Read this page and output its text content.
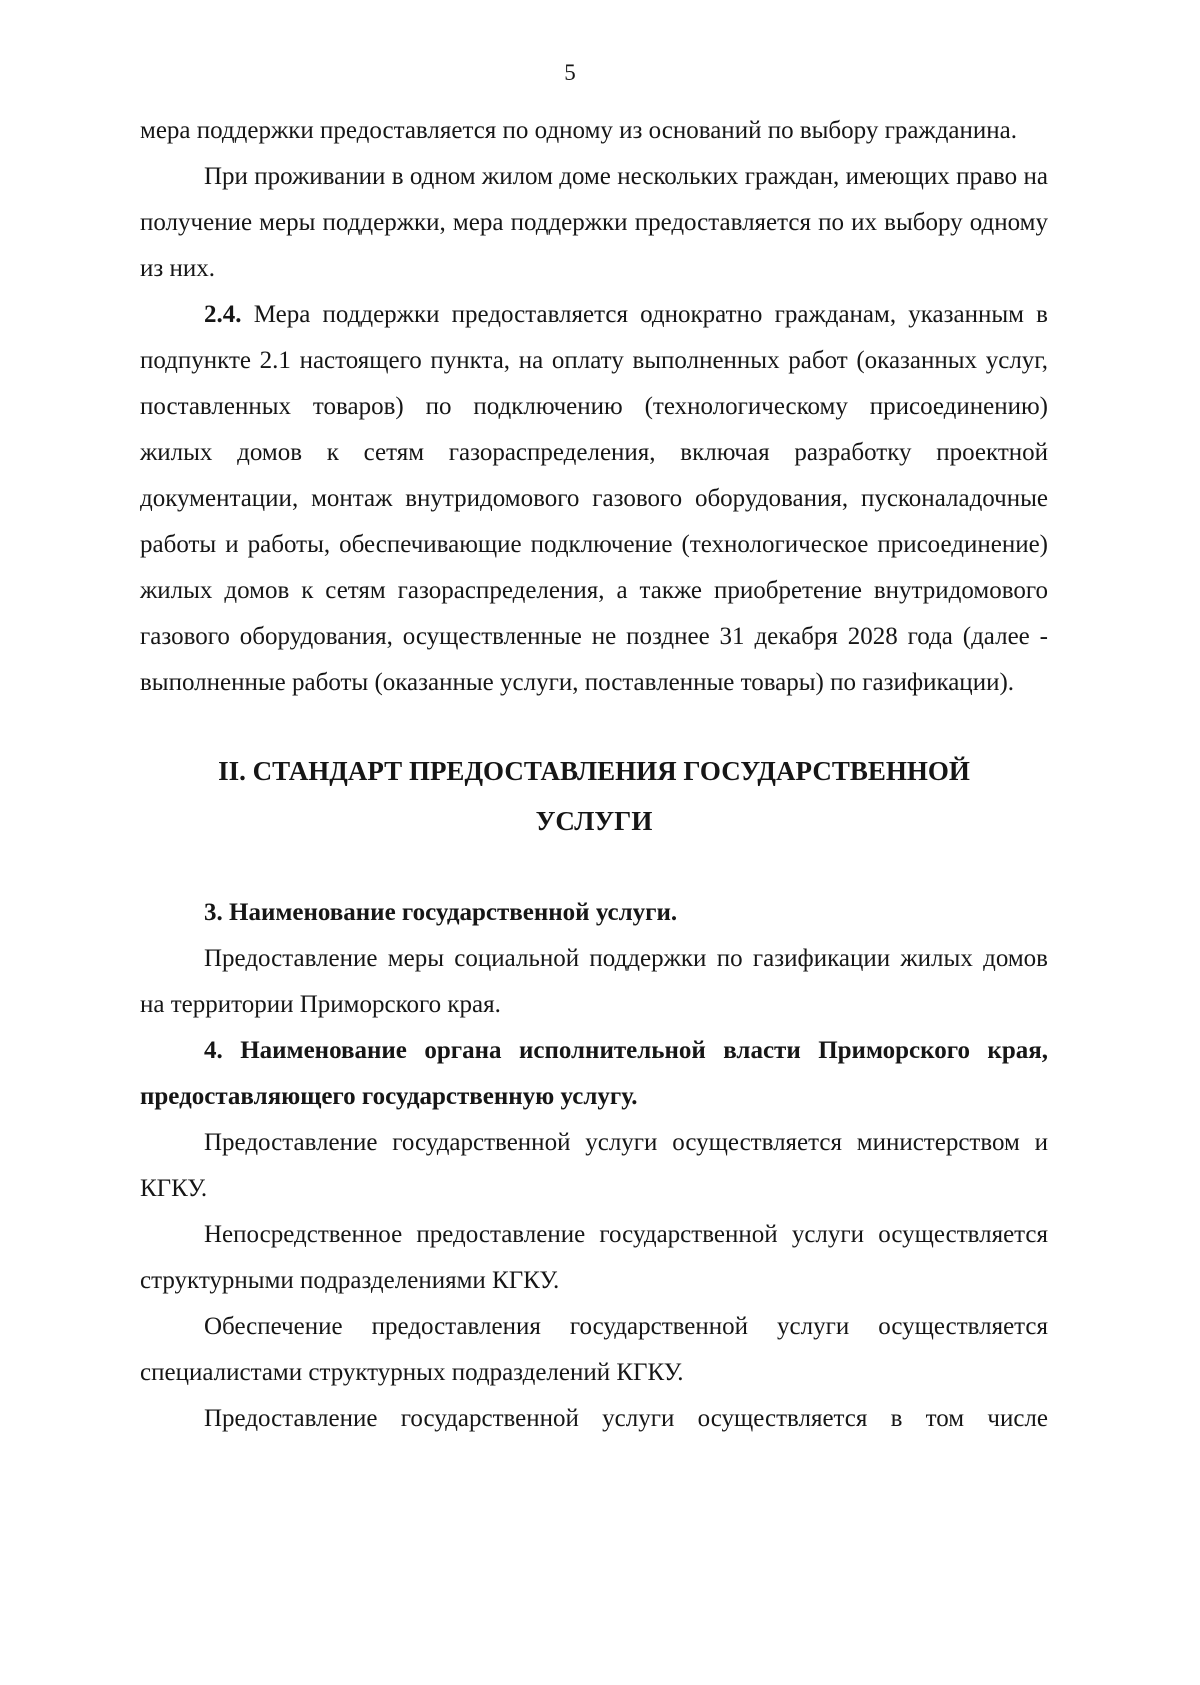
5

мера поддержки предоставляется по одному из оснований по выбору гражданина.

При проживании в одном жилом доме нескольких граждан, имеющих право на получение меры поддержки, мера поддержки предоставляется по их выбору одному из них.

2.4. Мера поддержки предоставляется однократно гражданам, указанным в подпункте 2.1 настоящего пункта, на оплату выполненных работ (оказанных услуг, поставленных товаров) по подключению (технологическому присоединению) жилых домов к сетям газораспределения, включая разработку проектной документации, монтаж внутридомового газового оборудования, пусконаладочные работы и работы, обеспечивающие подключение (технологическое присоединение) жилых домов к сетям газораспределения, а также приобретение внутридомового газового оборудования, осуществленные не позднее 31 декабря 2028 года (далее - выполненные работы (оказанные услуги, поставленные товары) по газификации).

II. СТАНДАРТ ПРЕДОСТАВЛЕНИЯ ГОСУДАРСТВЕННОЙ
УСЛУГИ

3. Наименование государственной услуги.

Предоставление меры социальной поддержки по газификации жилых домов на территории Приморского края.

4. Наименование органа исполнительной власти Приморского края, предоставляющего государственную услугу.

Предоставление государственной услуги осуществляется министерством и КГКУ.

Непосредственное предоставление государственной услуги осуществляется структурными подразделениями КГКУ.

Обеспечение предоставления государственной услуги осуществляется специалистами структурных подразделений КГКУ.

Предоставление государственной услуги осуществляется в том числе
